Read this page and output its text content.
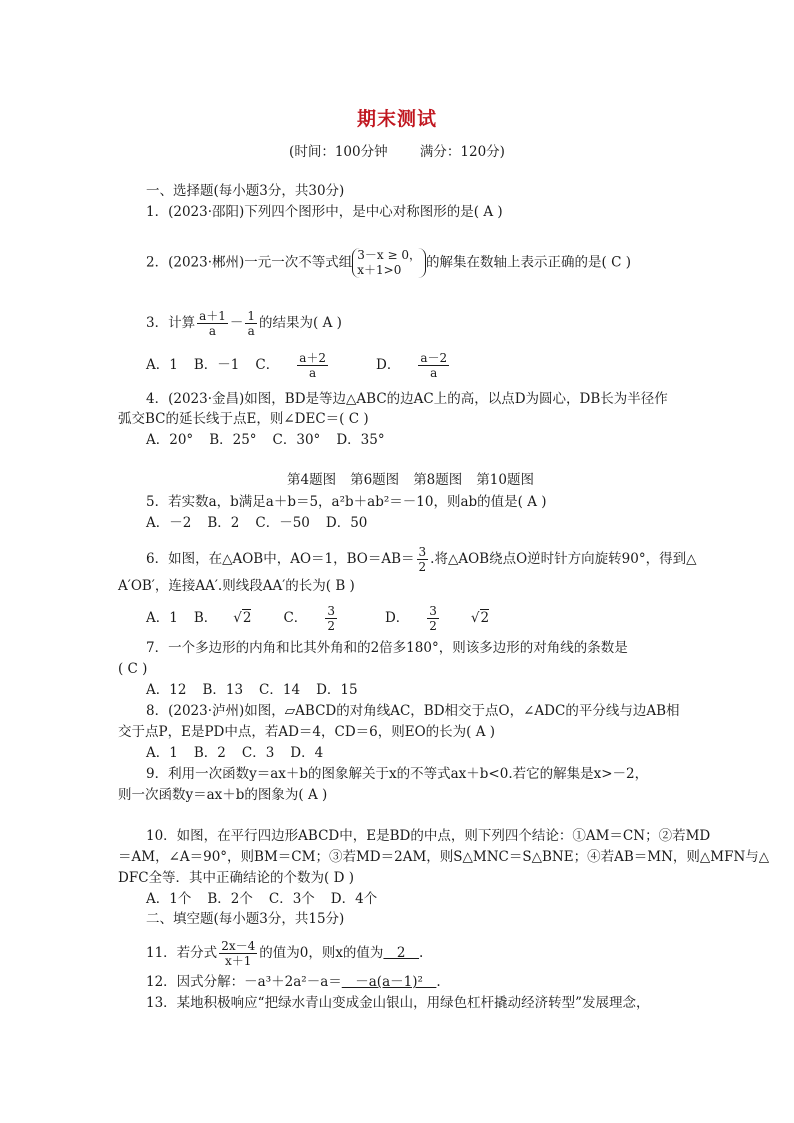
期末测试
(时间：100分钟 满分：120分)
一、选择题(每小题3分，共30分)
1．(2023·邵阳)下列四个图形中，是中心对称图形的是( A )
2．(2023·郴州)一元一次不等式组 3－x ≥ 0，
x＋1>0	的解集在数轴上表示正确的是( C )
3．计算 $\frac{a+1}{a} - \frac{1}{a}$ 的结果为( A )
A．1 B．－1 C． $\frac{a+2}{a}$ D． $\frac{a-2}{a}$
4．(2023·金昌)如图，BD是等边△ABC的边AC上的高，以点D为圆心，DB长为半径作
弧交BC的延长线于点E，则∠DEC＝( C )
A．20° B．25° C．30° D．35°
第4题图 第6题图 第8题图 第10题图
5．若实数a，b满足a＋b＝5，a²b＋ab²＝－10，则ab的值是( A )
A．－2 B．2 C．－50 D．50
6．如图，在△AOB中，AO＝1，$BO=AB= \frac{3}{2}$ .将△AOB绕点O逆时针方向旋转90°，得到△
A′OB′，连接AA′.则线段AA′的长为( B )
A．1 B． √2 C． $\frac{3}{2}$ D． $\frac{3}{2} √2$
7．一个多边形的内角和比其外角和的2倍多180°，则该多边形的对角线的条数是
( C )
A．12 B．13 C．14 D．15
8．(2023·泸州)如图，▱ABCD的对角线AC，BD相交于点O，∠ADC的平分线与边AB相
交于点P，E是PD中点，若AD＝4，CD＝6，则EO的长为( A )
A．1 B．2 C．3 D．4
9．利用一次函数y＝ax＋b的图象解关于x的不等式ax＋b<0.若它的解集是x>－2，
则一次函数y＝ax＋b的图象为( A )
10．如图，在平行四边形ABCD中，E是BD的中点，则下列四个结论：①AM＝CN；②若MD
＝AM，∠A＝90°，则BM＝CM；③若MD＝2AM，则S△MNC＝S△BNE；④若AB＝MN，则△MFN与△
DFC全等．其中正确结论的个数为( D )
A．1个 B．2个 C．3个 D．4个
二、填空题(每小题3分，共15分)
11．若分式 $\frac{2x-4}{x+1}$ 的值为0，则x的值为　2　.
12．因式分解：－a³＋2a²－a＝　－a(a－1)²　.
13．某地积极响应“把绿水青山变成金山银山，用绿色杠杆撬动经济转型”发展理念，
